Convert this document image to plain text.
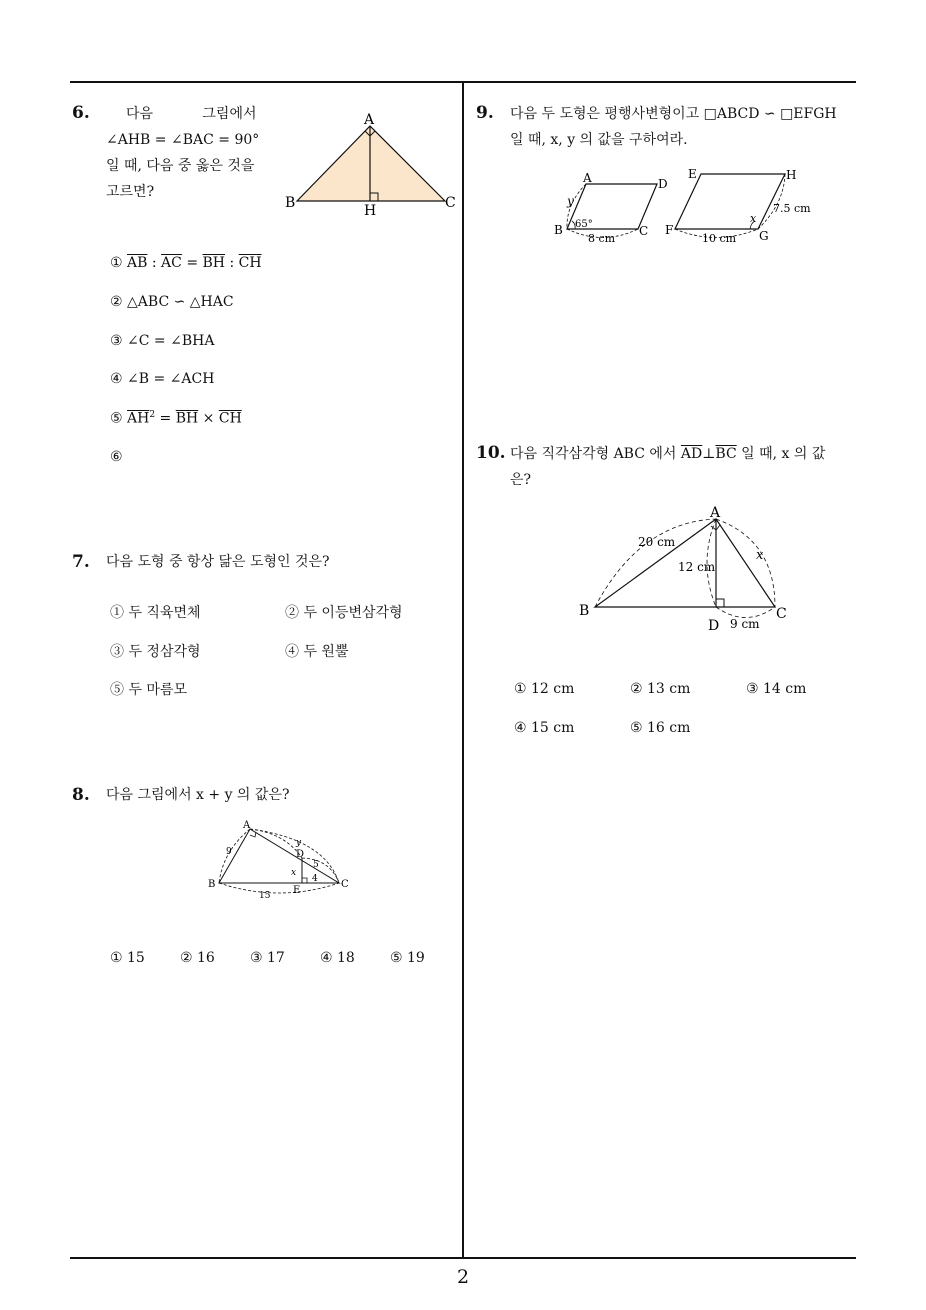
6.	다음   그림에서
∠AHB = ∠BAC = 90°
일 때, 다음 중 옳은 것을
고르면?
A
B	C
H
① $\overline{AB}$ : $\overline{AC} = \overline{BH}$ : $\overline{CH}$
② △ABC ∽ △HAC
③ ∠C = ∠BHA
④ ∠B = ∠ACH
⑤ $\overline{AH}^2 = \overline{BH} \times \overline{CH}$
⑥
7. 다음 도형 중 항상 닮은 도형인 것은?
① 두 직육면체	② 두 이등변삼각형
③ 두 정삼각형	④ 두 원뿔
⑤ 두 마름모
8. 다음 그림에서 x + y 의 값은?
A
B	C
D
E
9
15
5
4
x
y
① 15	② 16	③ 17	④ 18	⑤ 19
9. 다음 두 도형은 평행사변형이고 □ABCD ∽ □EFGH
일 때, x, y 의 값을 구하여라.
A	D
B	C
y
65°
8 cm
E	H
F	G
x
7.5 cm
10 cm
10. 다음 직각삼각형 ABC 에서 $\overline{AD}\perp\overline{BC}$ 일 때, x 의 값
은?
A
B	C
D
20 cm
12 cm
9 cm
x
① 12 cm	② 13 cm	③ 14 cm
④ 15 cm	⑤ 16 cm
2
